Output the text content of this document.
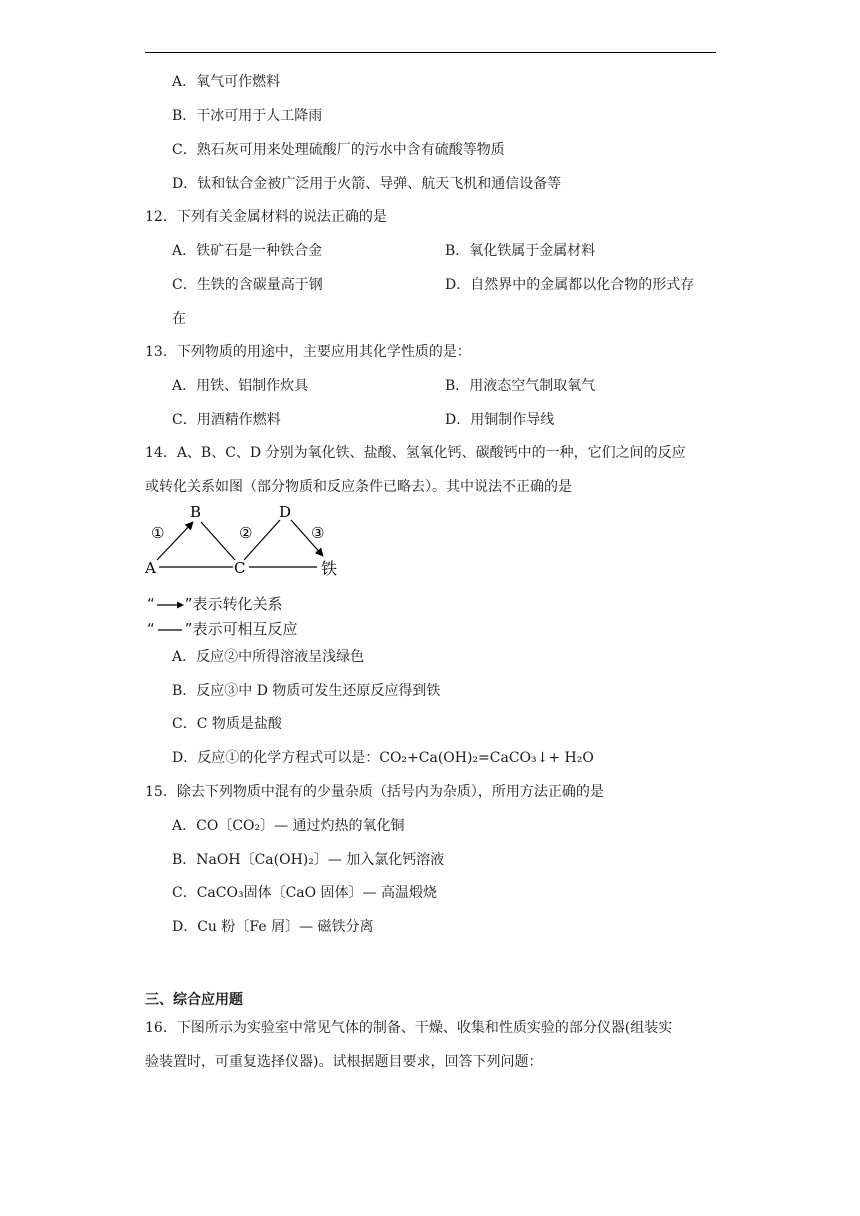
A．氧气可作燃料
B．干冰可用于人工降雨
C．熟石灰可用来处理硫酸厂的污水中含有硫酸等物质
D．钛和钛合金被广泛用于火箭、导弹、航天飞机和通信设备等
12．下列有关金属材料的说法正确的是
A．铁矿石是一种铁合金	B．氧化铁属于金属材料
C．生铁的含碳量高于钢	D．自然界中的金属都以化合物的形式存
在
13．下列物质的用途中，主要应用其化学性质的是：
A．用铁、铝制作炊具	B．用液态空气制取氧气
C．用酒精作燃料	D．用铜制作导线
14．A、B、C、D 分别为氧化铁、盐酸、氢氧化钙、碳酸钙中的一种，它们之间的反应
或转化关系如图（部分物质和反应条件已略去）。其中说法不正确的是
A
B
C
D
铁
①	②	③
“ ”表示转化关系
“ ”表示可相互反应
A．反应②中所得溶液呈浅绿色
B．反应③中 D 物质可发生还原反应得到铁
C．C 物质是盐酸
D．反应①的化学方程式可以是：CO₂+Ca(OH)₂=CaCO₃↓+ H₂O
15．除去下列物质中混有的少量杂质（括号内为杂质），所用方法正确的是
A．CO〔CO₂〕— 通过灼热的氧化铜
B．NaOH〔Ca(OH)₂〕— 加入氯化钙溶液
C．CaCO₃固体〔CaO 固体〕— 高温煅烧
D．Cu 粉〔Fe 屑〕— 磁铁分离
三、综合应用题
16．下图所示为实验室中常见气体的制备、干燥、收集和性质实验的部分仪器(组装实
验装置时，可重复选择仪器)。试根据题目要求，回答下列问题：
